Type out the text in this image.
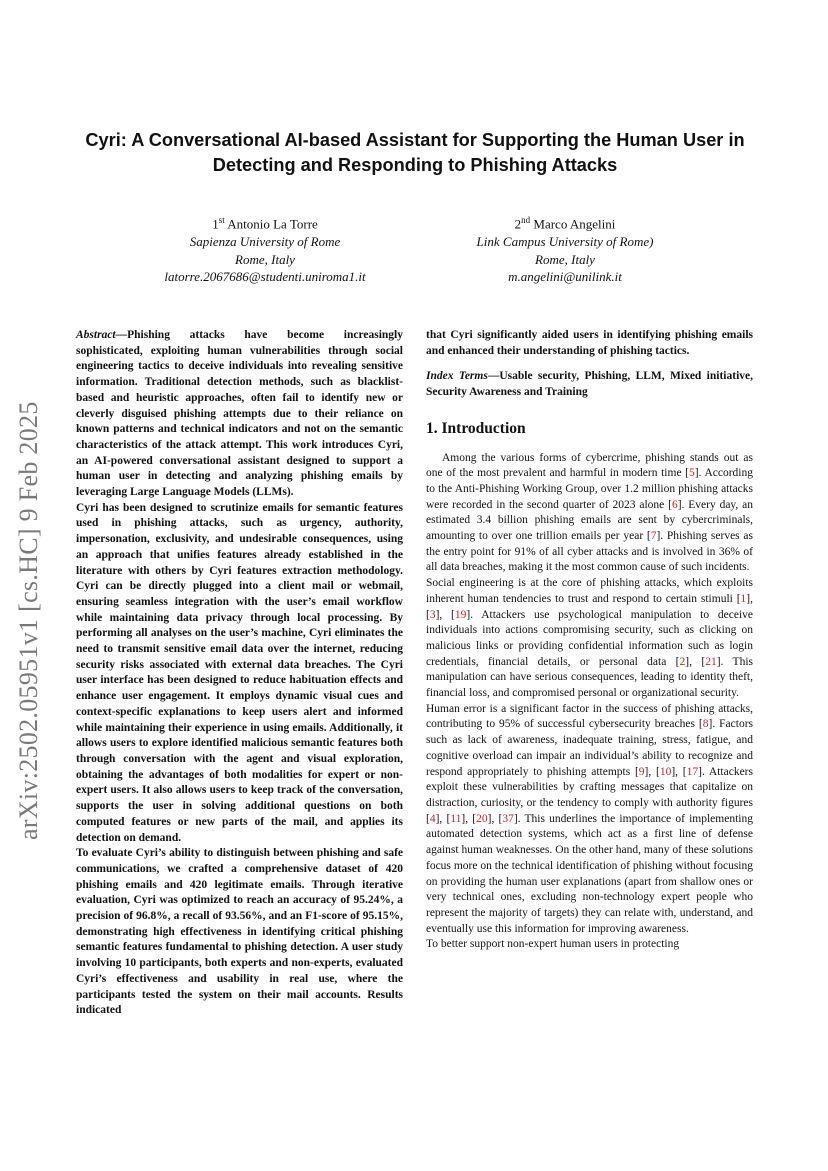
arXiv:2502.05951v1 [cs.HC] 9 Feb 2025
Cyri: A Conversational AI-based Assistant for Supporting the Human User in
Detecting and Responding to Phishing Attacks
1st Antonio La Torre
Sapienza University of Rome
Rome, Italy
latorre.2067686@studenti.uniroma1.it
2nd Marco Angelini
Link Campus University of Rome)
Rome, Italy
m.angelini@unilink.it

Abstract—Phishing attacks have become increasingly sophisticated, exploiting human vulnerabilities through social engineering tactics to deceive individuals into revealing sensitive information. Traditional detection methods, such as blacklist-based and heuristic approaches, often fail to identify new or cleverly disguised phishing attempts due to their reliance on known patterns and technical indicators and not on the semantic characteristics of the attack attempt. This work introduces Cyri, an AI-powered conversational assistant designed to support a human user in detecting and analyzing phishing emails by leveraging Large Language Models (LLMs).

Cyri has been designed to scrutinize emails for semantic features used in phishing attacks, such as urgency, authority, impersonation, exclusivity, and undesirable consequences, using an approach that unifies features already established in the literature with others by Cyri features extraction methodology. Cyri can be directly plugged into a client mail or webmail, ensuring seamless integration with the user’s email workflow while maintaining data privacy through local processing. By performing all analyses on the user’s machine, Cyri eliminates the need to transmit sensitive email data over the internet, reducing security risks associated with external data breaches. The Cyri user interface has been designed to reduce habituation effects and enhance user engagement. It employs dynamic visual cues and context-specific explanations to keep users alert and informed while maintaining their experience in using emails. Additionally, it allows users to explore identified malicious semantic features both through conversation with the agent and visual exploration, obtaining the advantages of both modalities for expert or non-expert users. It also allows users to keep track of the conversation, supports the user in solving additional questions on both computed features or new parts of the mail, and applies its detection on demand.

To evaluate Cyri’s ability to distinguish between phishing and safe communications, we crafted a comprehensive dataset of 420 phishing emails and 420 legitimate emails. Through iterative evaluation, Cyri was optimized to reach an accuracy of 95.24%, a precision of 96.8%, a recall of 93.56%, and an F1-score of 95.15%, demonstrating high effectiveness in identifying critical phishing semantic features fundamental to phishing detection. A user study involving 10 participants, both experts and non-experts, evaluated Cyri’s effectiveness and usability in real use, where the participants tested the system on their mail accounts. Results indicated

that Cyri significantly aided users in identifying phishing emails and enhanced their understanding of phishing tactics.

Index Terms—Usable security, Phishing, LLM, Mixed initiative, Security Awareness and Training

1. Introduction

Among the various forms of cybercrime, phishing stands out as one of the most prevalent and harmful in modern time [5]. According to the Anti-Phishing Working Group, over 1.2 million phishing attacks were recorded in the second quarter of 2023 alone [6]. Every day, an estimated 3.4 billion phishing emails are sent by cybercriminals, amounting to over one trillion emails per year [7]. Phishing serves as the entry point for 91% of all cyber attacks and is involved in 36% of all data breaches, making it the most common cause of such incidents.

Social engineering is at the core of phishing attacks, which exploits inherent human tendencies to trust and respond to certain stimuli [1], [3], [19]. Attackers use psychological manipulation to deceive individuals into actions compromising security, such as clicking on malicious links or providing confidential information such as login credentials, financial details, or personal data [2], [21]. This manipulation can have serious consequences, leading to identity theft, financial loss, and compromised personal or organizational security.

Human error is a significant factor in the success of phishing attacks, contributing to 95% of successful cybersecurity breaches [8]. Factors such as lack of awareness, inadequate training, stress, fatigue, and cognitive overload can impair an individual’s ability to recognize and respond appropriately to phishing attempts [9], [10], [17]. Attackers exploit these vulnerabilities by crafting messages that capitalize on distraction, curiosity, or the tendency to comply with authority figures [4], [11], [20], [37]. This underlines the importance of implementing automated detection systems, which act as a first line of defense against human weaknesses. On the other hand, many of these solutions focus more on the technical identification of phishing without focusing on providing the human user explanations (apart from shallow ones or very technical ones, excluding non-technology expert people who represent the majority of targets) they can relate with, understand, and eventually use this information for improving awareness.

To better support non-expert human users in protecting
